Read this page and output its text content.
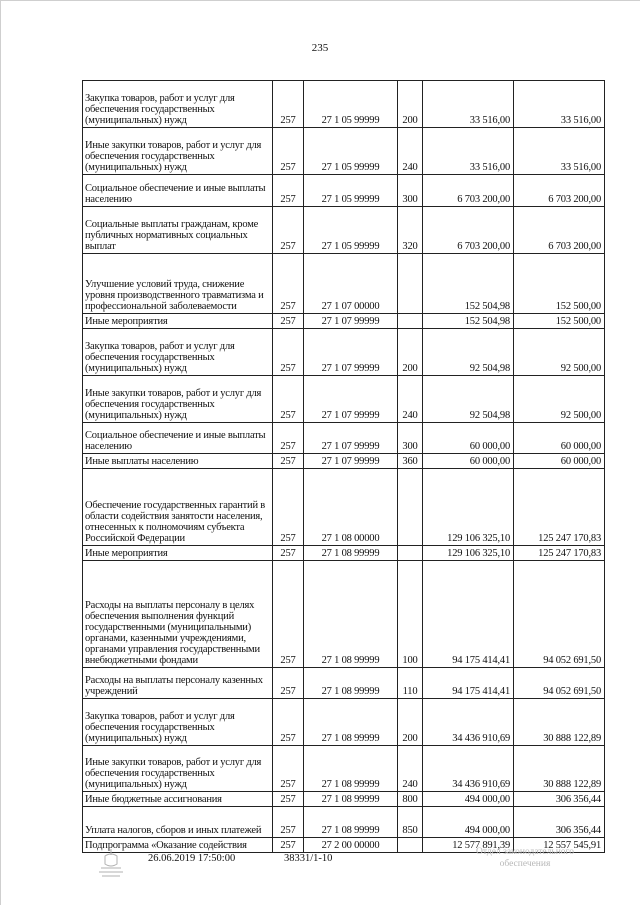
235
Закупка товаров, работ и услуг для обеспечения государственных (муниципальных) нужд	257	27 1 05 99999	200	33 516,00	33 516,00
Иные закупки товаров, работ и услуг для обеспечения государственных (муниципальных) нужд	257	27 1 05 99999	240	33 516,00	33 516,00
Социальное обеспечение и иные выплаты населению	257	27 1 05 99999	300	6 703 200,00	6 703 200,00
Социальные выплаты гражданам, кроме публичных нормативных социальных выплат	257	27 1 05 99999	320	6 703 200,00	6 703 200,00
Улучшение условий труда, снижение уровня производственного травматизма и профессиональной заболеваемости	257	27 1 07 00000		152 504,98	152 500,00
Иные мероприятия	257	27 1 07 99999		152 504,98	152 500,00
Закупка товаров, работ и услуг для обеспечения государственных (муниципальных) нужд	257	27 1 07 99999	200	92 504,98	92 500,00
Иные закупки товаров, работ и услуг для обеспечения государственных (муниципальных) нужд	257	27 1 07 99999	240	92 504,98	92 500,00
Социальное обеспечение и иные выплаты населению	257	27 1 07 99999	300	60 000,00	60 000,00
Иные выплаты населению	257	27 1 07 99999	360	60 000,00	60 000,00
Обеспечение государственных гарантий в области содействия занятости населения, отнесенных к полномочиям субъекта Российской Федерации	257	27 1 08 00000		129 106 325,10	125 247 170,83
Иные мероприятия	257	27 1 08 99999		129 106 325,10	125 247 170,83
Расходы на выплаты персоналу в целях обеспечения выполнения функций государственными (муниципальными) органами, казенными учреждениями, органами управления государственными внебюджетными фондами	257	27 1 08 99999	100	94 175 414,41	94 052 691,50
Расходы на выплаты персоналу казенных учреждений	257	27 1 08 99999	110	94 175 414,41	94 052 691,50
Закупка товаров, работ и услуг для обеспечения государственных (муниципальных) нужд	257	27 1 08 99999	200	34 436 910,69	30 888 122,89
Иные закупки товаров, работ и услуг для обеспечения государственных (муниципальных) нужд	257	27 1 08 99999	240	34 436 910,69	30 888 122,89
Иные бюджетные ассигнования	257	27 1 08 99999	800	494 000,00	306 356,44
Уплата налогов, сборов и иных платежей	257	27 1 08 99999	850	494 000,00	306 356,44
Подпрограмма «Оказание содействия	257	27 2 00 00000		12 577 891,39	12 557 545,91
26.06.2019 17:50:00	38331/1-10
Отдел законодательного обеспечения
